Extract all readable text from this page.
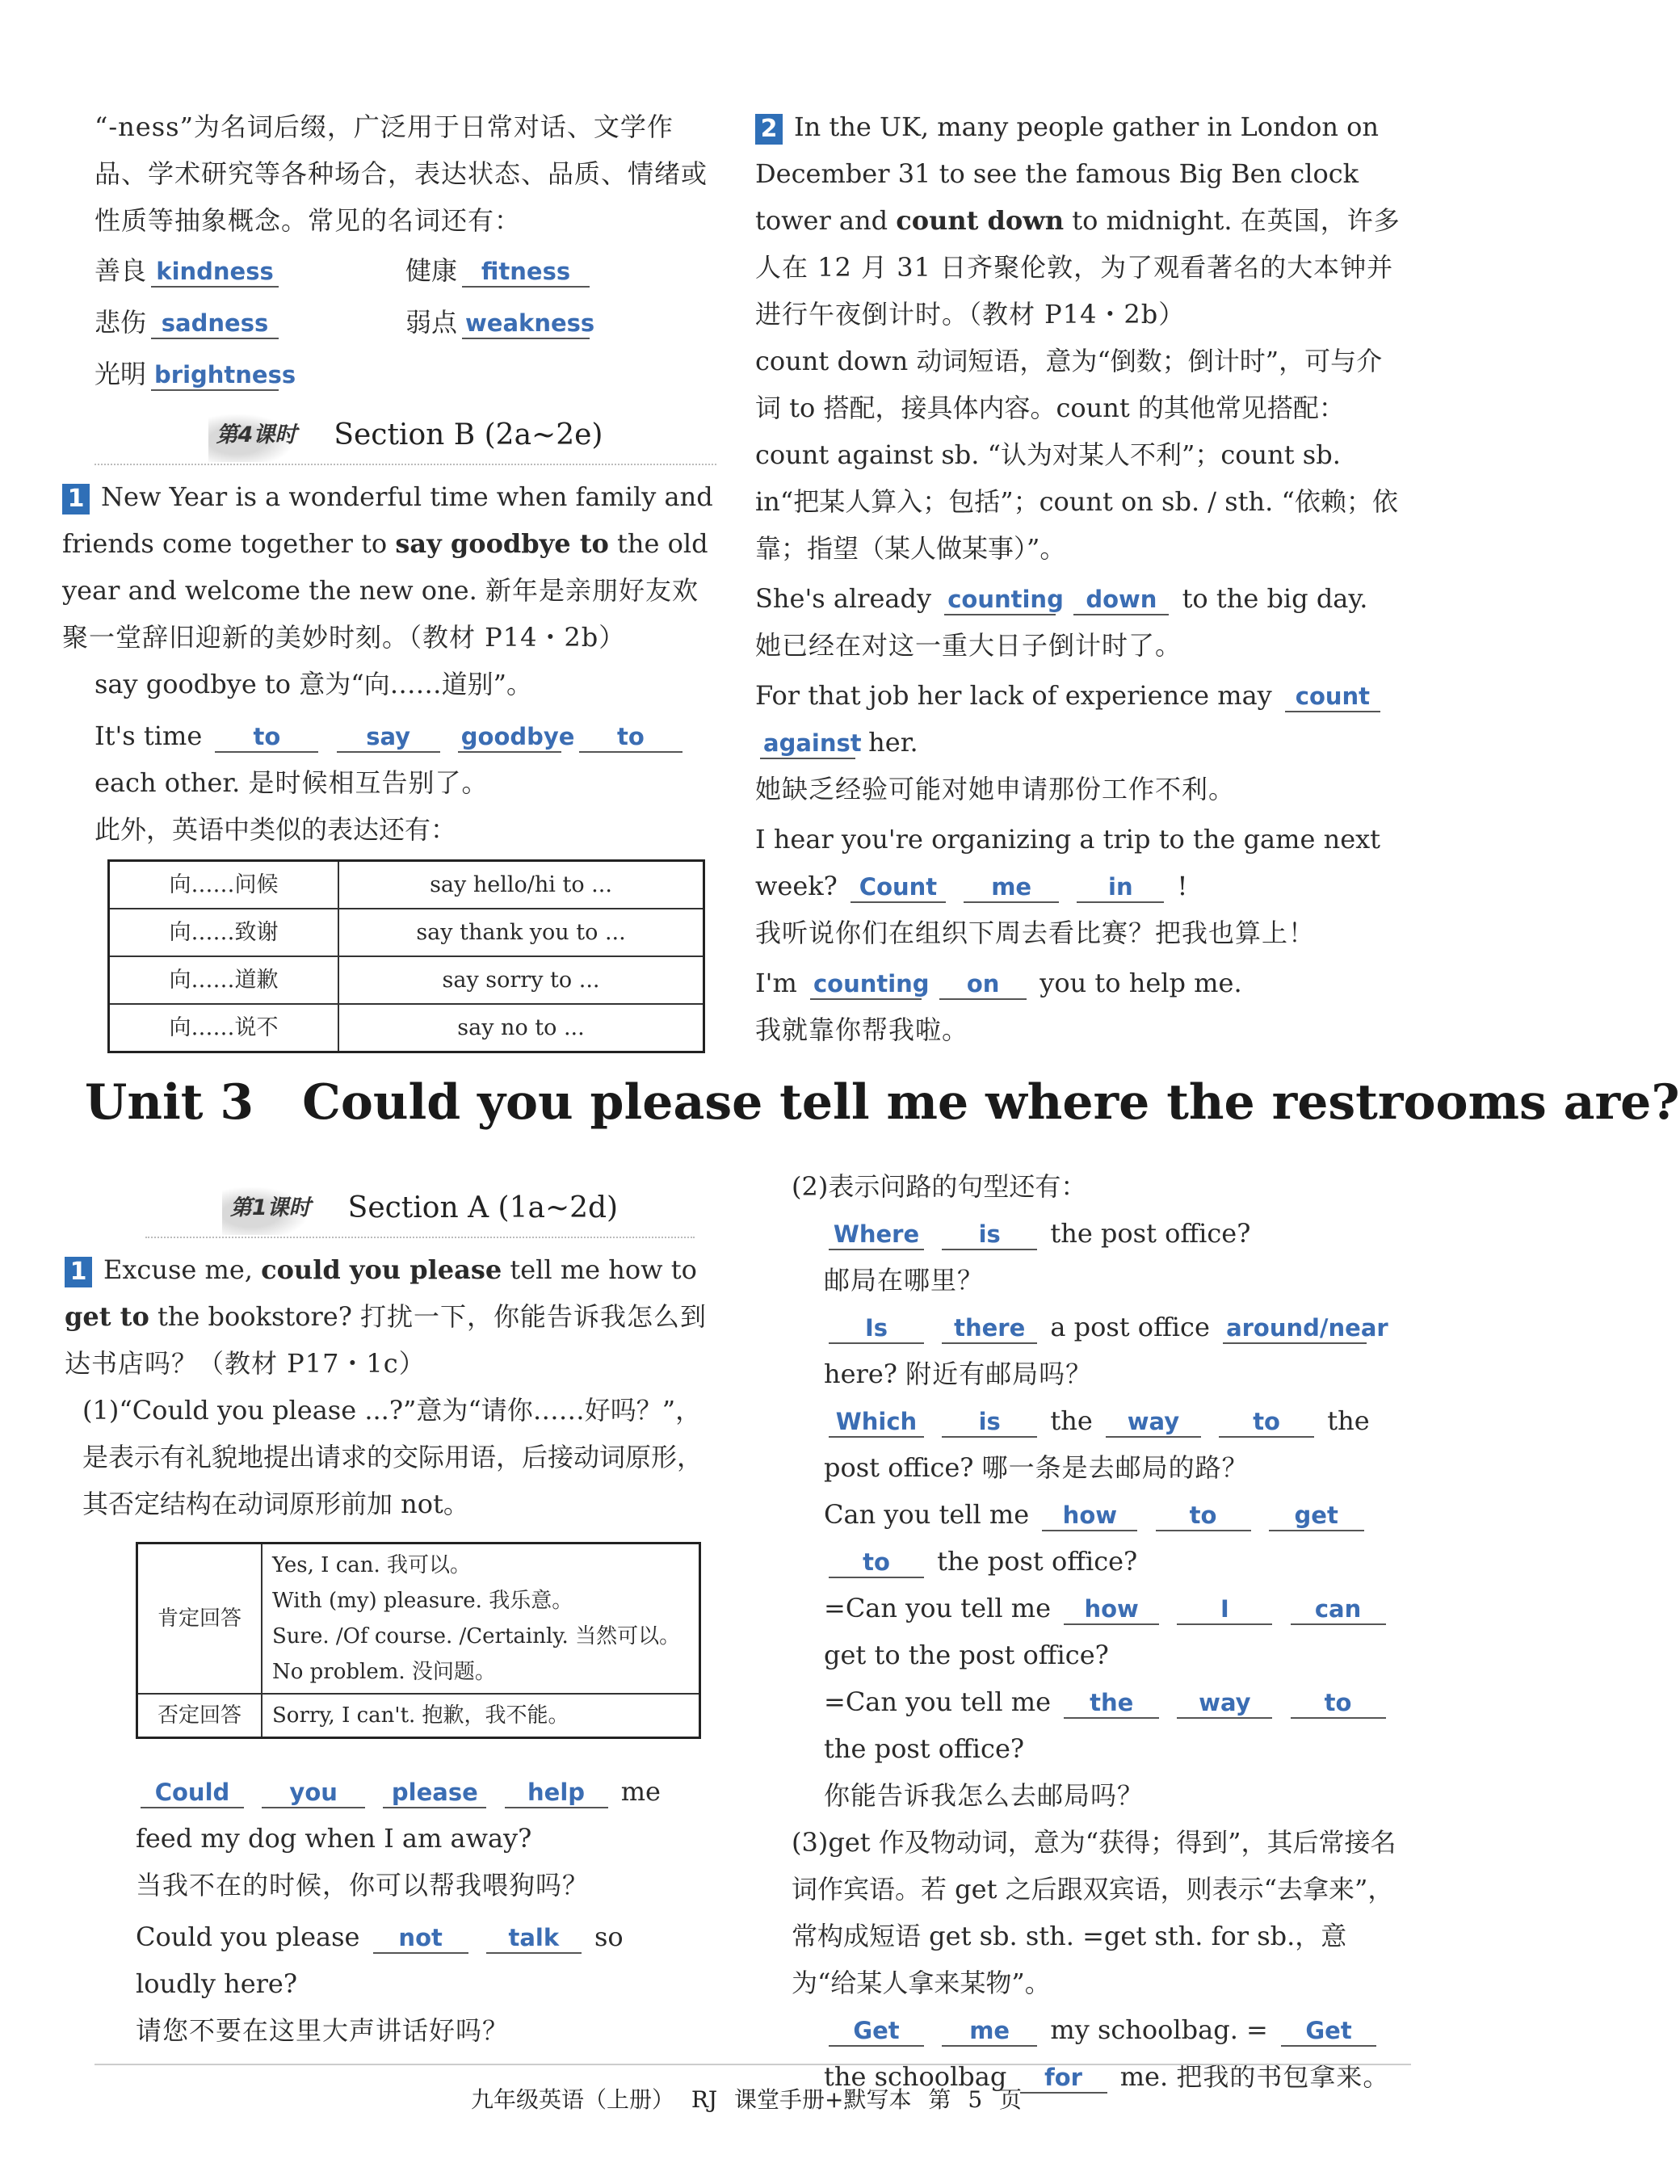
“-ness”为名词后缀，广泛用于日常对话、文学作品、学术研究等各种场合，表达状态、品质、情绪或性质等抽象概念。常见的名词还有：

善良 kindness	健康	fitness
悲伤 sadness	弱点 weakness
光明 brightness
第4课时 Section B (2a~2e)

1 New Year is a wonderful time when family and friends come together to say goodbye to the old year and welcome the new one. 新年是亲朋好友欢聚一堂辞旧迎新的美妙时刻。（教材 P14・2b）

say goodbye to 意为“向……道别”。

It's time to	say goodbye to each other. 是时候相互告别了。

此外，英语中类似的表达还有：

向……问候	say hello/hi to ...
向……致谢	say thank you to ...
向……道歉	say sorry to ...
向……说不	say no to ...

2 In the UK, many people gather in London on December 31 to see the famous Big Ben clock tower and count down to midnight. 在英国，许多人在 12 月 31 日齐聚伦敦，为了观看著名的大本钟并进行午夜倒计时。（教材 P14・2b）

count down 动词短语，意为“倒数；倒计时”，可与介词 to 搭配，接具体内容。count 的其他常见搭配：count against sb. “认为对某人不利”；count sb. in“把某人算入；包括”；count on sb. / sth. “依赖；依靠；指望（某人做某事）”。

She's already counting down to the big day.

她已经在对这一重大日子倒计时了。

For that job her lack of experience may count against her.

她缺乏经验可能对她申请那份工作不利。

I hear you're organizing a trip to the game next week? Count me	in !

我听说你们在组织下周去看比赛？把我也算上！

I'm counting on you to help me.

我就靠你帮我啦。

Unit 3 Could you please tell me where the restrooms are?
第1课时 Section A (1a~2d)

1 Excuse me, could you please tell me how to get to the bookstore? 打扰一下，你能告诉我怎么到达书店吗？（教材 P17・1c）

(1)“Could you please ...?”意为“请你……好吗？”，是表示有礼貌地提出请求的交际用语，后接动词原形，其否定结构在动词原形前加 not。

肯定回答	Yes, I can. 我可以。
With (my) pleasure. 我乐意。
Sure. /Of course. /Certainly. 当然可以。
No problem. 没问题。

否定回答	Sorry, I can't. 抱歉，我不能。

Could	you please help me feed my dog when I am away?

当我不在的时候，你可以帮我喂狗吗？

Could you please not	talk so loudly here?

请您不要在这里大声讲话好吗？

(2)表示问路的句型还有：

Where	is the post office?

邮局在哪里？

Is	there a post office around/near here? 附近有邮局吗？

Which	is the way	to the post office? 哪一条是去邮局的路？

Can you tell me how	to	get to the post office?

=Can you tell me how	I	can get to the post office?

=Can you tell me the	way	to the post office?

你能告诉我怎么去邮局吗？

(3)get 作及物动词，意为“获得；得到”，其后常接名词作宾语。若 get 之后跟双宾语，则表示“去拿来”，常构成短语 get sb. sth. =get sth. for sb.，意为“给某人拿来某物”。

Get	me my schoolbag. = Get the schoolbag for me. 把我的书包拿来。

九年级英语（上册） RJ 课堂手册+默写本 第 5 页
